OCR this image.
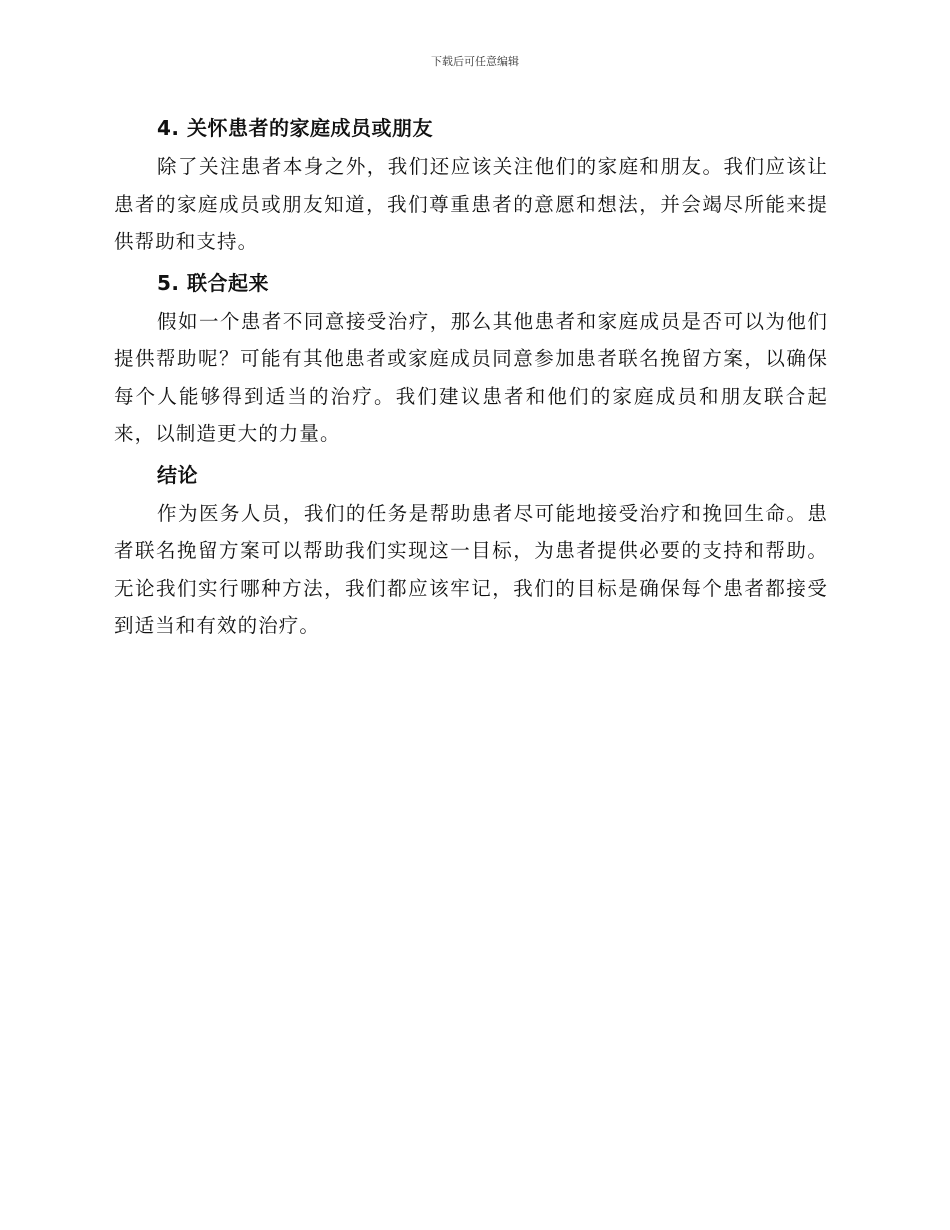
下载后可任意编辑
4. 关怀患者的家庭成员或朋友

除了关注患者本身之外，我们还应该关注他们的家庭和朋友。我们应该让患者的家庭成员或朋友知道，我们尊重患者的意愿和想法，并会竭尽所能来提供帮助和支持。

5. 联合起来

假如一个患者不同意接受治疗，那么其他患者和家庭成员是否可以为他们提供帮助呢？可能有其他患者或家庭成员同意参加患者联名挽留方案，以确保每个人能够得到适当的治疗。我们建议患者和他们的家庭成员和朋友联合起来，以制造更大的力量。

结论

作为医务人员，我们的任务是帮助患者尽可能地接受治疗和挽回生命。患者联名挽留方案可以帮助我们实现这一目标，为患者提供必要的支持和帮助。无论我们实行哪种方法，我们都应该牢记，我们的目标是确保每个患者都接受到适当和有效的治疗。
